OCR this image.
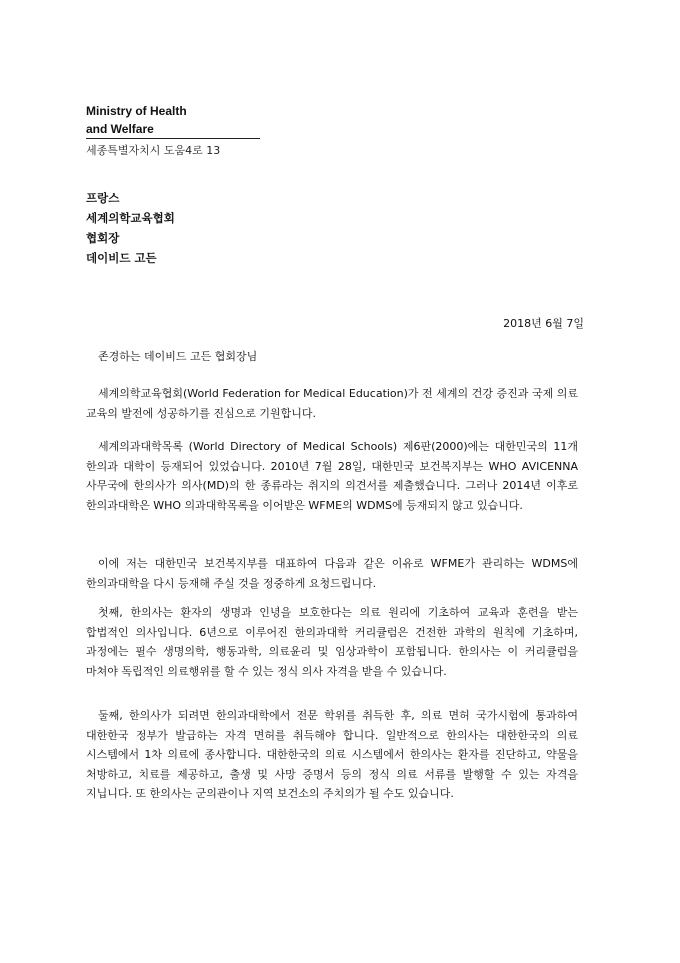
Ministry of Health
and Welfare
세종특별자치시 도움4로 13
프랑스
세계의학교육협회
협회장
데이비드 고든
2018년 6월 7일
존경하는 데이비드 고든 협회장님

세계의학교육협회(World Federation for Medical Education)가 전 세계의 건강 증진과 국제 의료 교육의 발전에 성공하기를 진심으로 기원합니다.

세계의과대학목록 (World Directory of Medical Schools) 제6판(2000)에는 대한민국의 11개 한의과 대학이 등재되어 있었습니다. 2010년 7월 28일, 대한민국 보건복지부는 WHO AVICENNA 사무국에 한의사가 의사(MD)의 한 종류라는 취지의 의견서를 제출했습니다. 그러나 2014년 이후로 한의과대학은 WHO 의과대학목록을 이어받은 WFME의 WDMS에 등재되지 않고 있습니다.

이에 저는 대한민국 보건복지부를 대표하여 다음과 같은 이유로 WFME가 관리하는 WDMS에 한의과대학을 다시 등재해 주실 것을 정중하게 요청드립니다.

첫째, 한의사는 환자의 생명과 인녕을 보호한다는 의료 원리에 기초하여 교육과 훈련을 받는 합법적인 의사입니다. 6년으로 이루어진 한의과대학 커리큘럼은 건전한 과학의 원칙에 기초하며, 과정에는 필수 생명의학, 행동과학, 의료윤리 및 임상과학이 포함됩니다. 한의사는 이 커리큘럼을 마쳐야 독립적인 의료행위를 할 수 있는 정식 의사 자격을 받을 수 있습니다.

둘째, 한의사가 되려면 한의과대학에서 전문 학위를 취득한 후, 의료 면허 국가시험에 통과하여 대한한국 정부가 발급하는 자격 면허를 취득해야 합니다. 일반적으로 한의사는 대한한국의 의료 시스템에서 1차 의료에 종사합니다. 대한한국의 의료 시스템에서 한의사는 환자를 진단하고, 약물을 처방하고, 치료를 제공하고, 출생 및 사망 증명서 등의 정식 의료 서류를 발행할 수 있는 자격을 지닙니다. 또 한의사는 군의관이나 지역 보건소의 주치의가 될 수도 있습니다.
